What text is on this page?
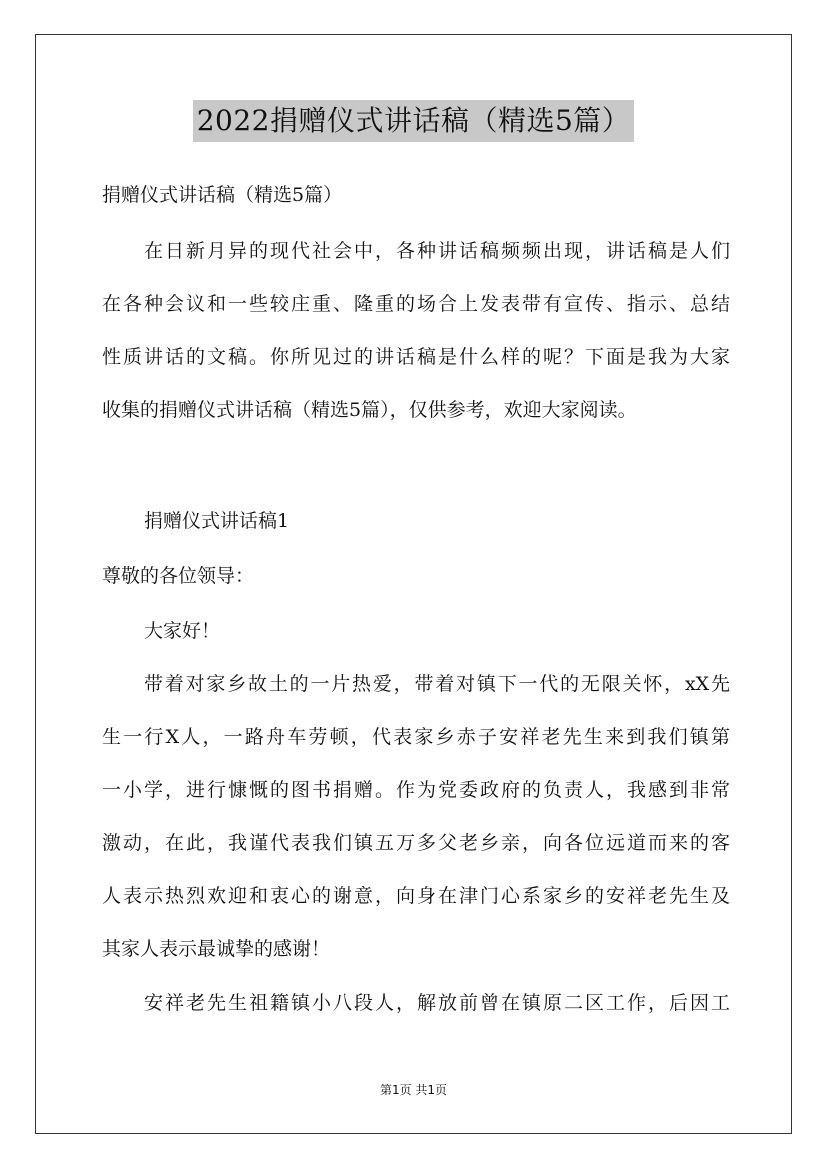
2022捐赠仪式讲话稿（精选5篇）
捐赠仪式讲话稿（精选5篇）
在日新月异的现代社会中，各种讲话稿频频出现，讲话稿是人们
在各种会议和一些较庄重、隆重的场合上发表带有宣传、指示、总结
性质讲话的文稿。你所见过的讲话稿是什么样的呢？下面是我为大家
收集的捐赠仪式讲话稿（精选5篇），仅供参考，欢迎大家阅读。
捐赠仪式讲话稿1
尊敬的各位领导：
大家好！
带着对家乡故土的一片热爱，带着对镇下一代的无限关怀，xX先
生一行X人，一路舟车劳顿，代表家乡赤子安祥老先生来到我们镇第
一小学，进行慷慨的图书捐赠。作为党委政府的负责人，我感到非常
激动，在此，我谨代表我们镇五万多父老乡亲，向各位远道而来的客
人表示热烈欢迎和衷心的谢意，向身在津门心系家乡的安祥老先生及
其家人表示最诚挚的感谢！
安祥老先生祖籍镇小八段人，解放前曾在镇原二区工作，后因工
第1页 共1页
